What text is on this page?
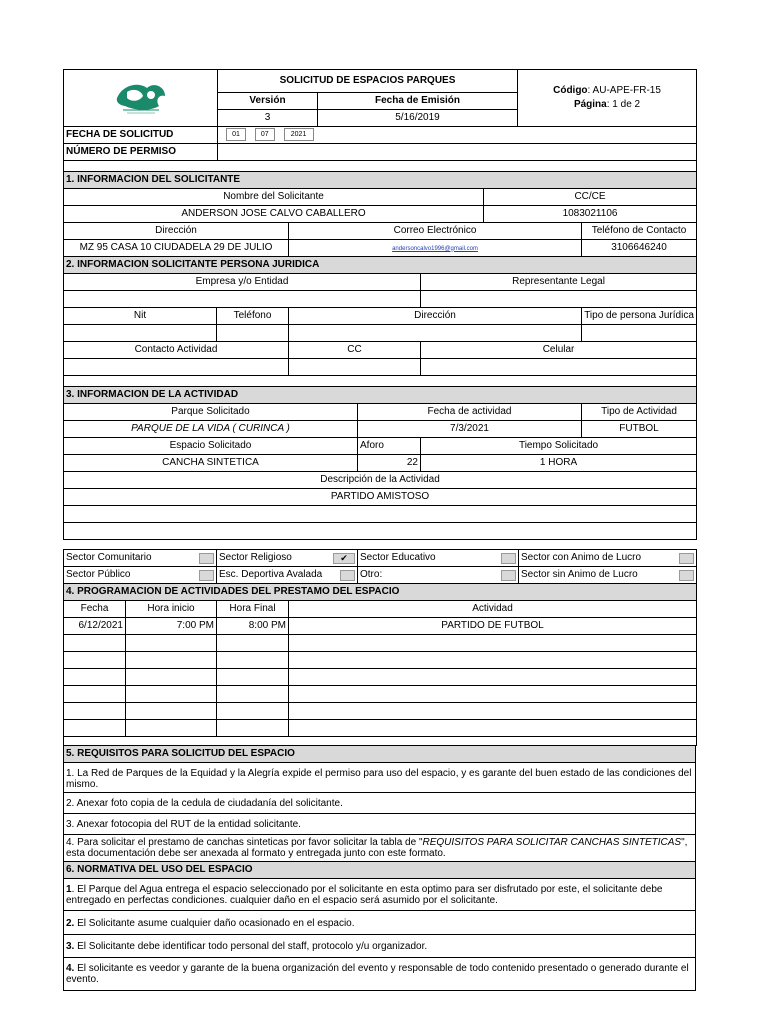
	SOLICITUD DE ESPACIOS PARQUES		Código: AU-APE-FR-15
Página: 1 de 2

	Versión	Fecha de Emisión	
	3	5/16/2019	
FECHA DE SOLICITUD	01 07 2021
NÚMERO DE PERMISO	

1. INFORMACION DEL SOLICITANTE			
Nombre del Solicitante		CC/CE	
ANDERSON JOSE CALVO CABALLERO		1083021106	
Dirección	Correo Electrónico		Teléfono de Contacto
MZ 95 CASA 10 CIUDADELA 29 DE JULIO	andersoncalvo1996@gmail.com		3106646240
2. INFORMACION SOLICITANTE PERSONA JURIDICA				
Empresa y/o Entidad			Representante Legal	

Nit	Teléfono	Dirección		Tipo de persona Jurídica

Contacto Actividad		CC	Celular	

3. INFORMACION DE LA ACTIVIDAD			
Parque Solicitado	Fecha de actividad		Tipo de Actividad
PARQUE DE LA VIDA ( CURINCA )	7/3/2021		FUTBOL
Espacio Solicitado	Aforo	Tiempo Solicitado	
CANCHA SINTETICA	22	1 HORA	
Descripción de la Actividad			
PARTIDO AMISTOSO			

Sector Comunitario	Sector Religioso ✔	Sector Educativo	Sector con Animo de Lucro

Sector Público	Esc. Deportiva Avalada	Otro:	Sector sin Animo de Lucro
4. PROGRAMACION DE ACTIVIDADES DEL PRESTAMO DEL ESPACIO			
Fecha	Hora inicio	Hora Final	Actividad
6/12/2021	7:00 PM	8:00 PM	PARTIDO DE FUTBOL

5. REQUISITOS PARA SOLICITUD DEL ESPACIO
1. La Red de Parques de la Equidad y la Alegría expide el permiso para uso del espacio, y es garante del buen estado de las condiciones del mismo.
2. Anexar foto copia de la cedula de ciudadanía del solicitante.
3. Anexar fotocopia del RUT de la entidad solicitante.
4. Para solicitar el prestamo de canchas sinteticas por favor solicitar la tabla de "REQUISITOS PARA SOLICITAR CANCHAS SINTETICAS", esta documentación debe ser anexada al formato y entregada junto con este formato.
6. NORMATIVA DEL USO DEL ESPACIO
1. El Parque del Agua entrega el espacio seleccionado por el solicitante en esta optimo para ser disfrutado por este, el solicitante debe entregado en perfectas condiciones. cualquier daño en el espacio será asumido por el solicitante.
2. El Solicitante asume cualquier daño ocasionado en el espacio.
3. El Solicitante debe identificar todo personal del staff, protocolo y/u organizador.
4. El solicitante es veedor y garante de la buena organización del evento y responsable de todo contenido presentado o generado durante el evento.
